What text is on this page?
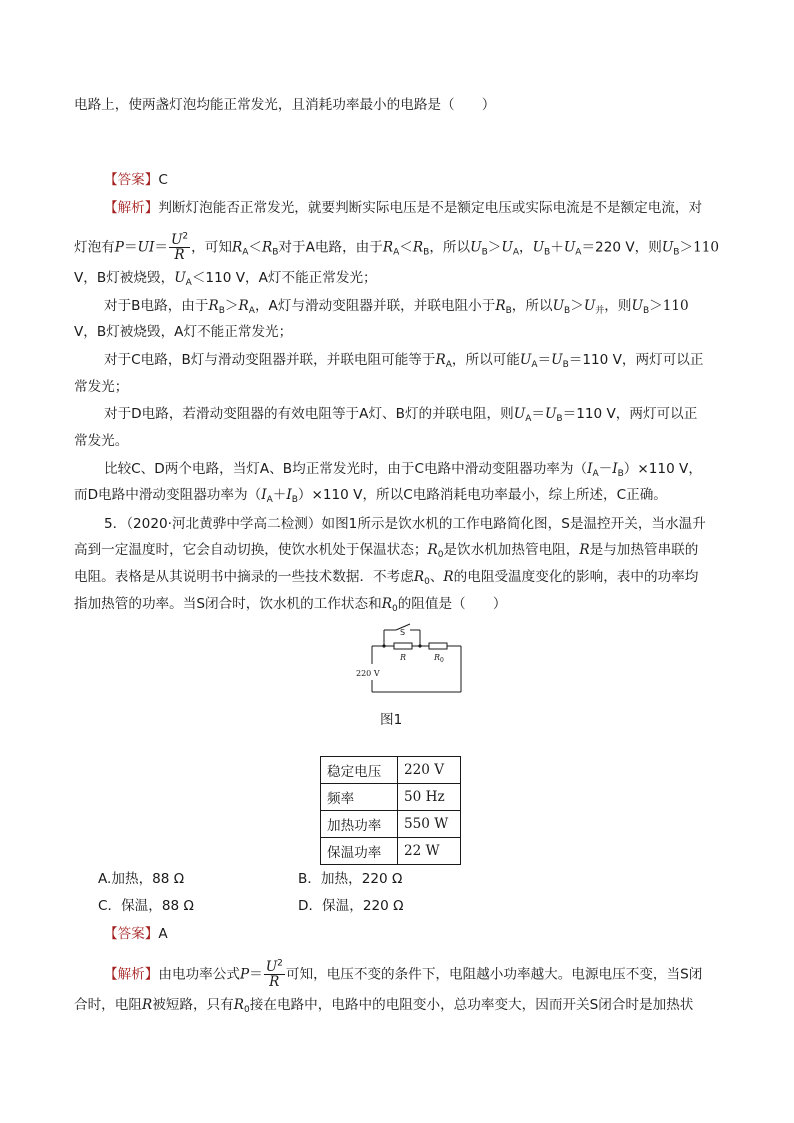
电路上，使两盏灯泡均能正常发光，且消耗功率最小的电路是（　　）
【答案】C
【解析】判断灯泡能否正常发光，就要判断实际电压是不是额定电压或实际电流是不是额定电流，对
灯泡有$P=UI= \frac{U^2}{R}$ ，可知$R_A<R_B$对于A电路，由于$R_A<R_B$，所以$U_B>U_A$，$U_B+U_A=220$ V，则$U_B>110$
V，B灯被烧毁，$U_A<110$ V，A灯不能正常发光；
对于B电路，由于$R_B>R_A$，A灯与滑动变阻器并联，并联电阻小于$R_B$，所以$U_B>U_并$，则$U_B>110$
V，B灯被烧毁，A灯不能正常发光；
对于C电路，B灯与滑动变阻器并联，并联电阻可能等于$R_A$，所以可能$U_A=U_B=110$ V，两灯可以正
常发光；
对于D电路，若滑动变阻器的有效电阻等于A灯、B灯的并联电阻，则$U_A=U_B=110$ V，两灯可以正
常发光。
比较C、D两个电路，当灯A、B均正常发光时，由于C电路中滑动变阻器功率为$(I_A-I_B)\times 110$ V，
而D电路中滑动变阻器功率为$(I_A+I_B)\times 110$ V，所以C电路消耗电功率最小，综上所述，C正确。
5．（2020·河北黄骅中学高二检测）如图1所示是饮水机的工作电路简化图，S是温控开关，当水温升
高到一定温度时，它会自动切换，使饮水机处于保温状态；$R_0$是饮水机加热管电阻，R是与加热管串联的
电阻。表格是从其说明书中摘录的一些技术数据．不考虑$R_0$、R的电阻受温度变化的影响，表中的功率均
指加热管的功率。当S闭合时，饮水机的工作状态和$R_0$的阻值是（　　）
S
R	R 0
220 V
图1
稳定电压	220 V
频率	50 Hz
加热功率	550 W
保温功率	22 W
A.加热，88 Ω	B．加热，220 Ω
C．保温，88 Ω	D．保温，220 Ω
【答案】A
【解析】由电功率公式$P= \frac{U^2}{R}$ 可知，电压不变的条件下，电阻越小功率越大。电源电压不变，当S闭
合时，电阻R被短路，只有$R_0$接在电路中，电路中的电阻变小，总功率变大，因而开关S闭合时是加热状
